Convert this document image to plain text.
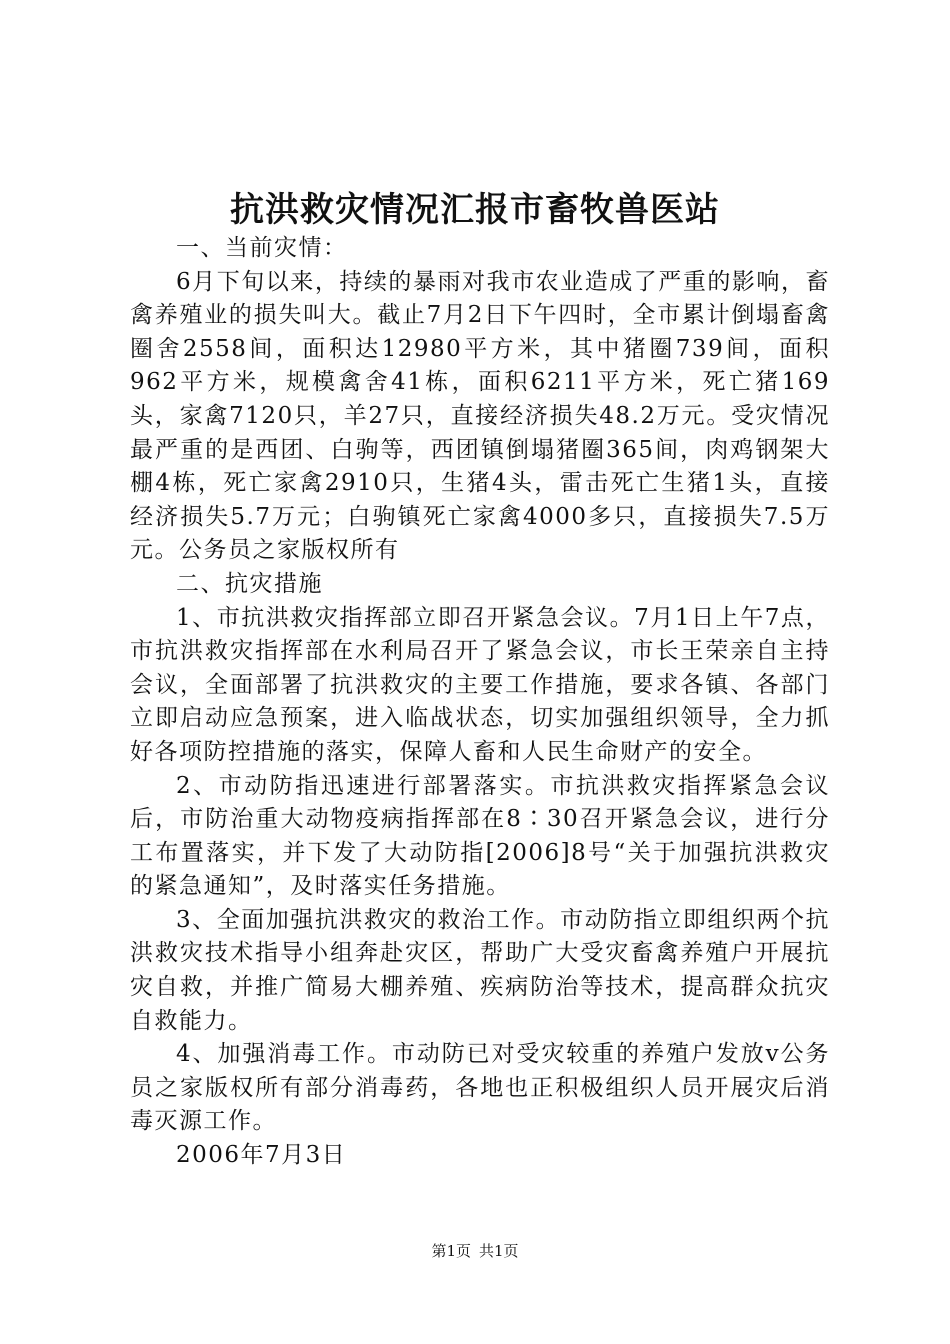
抗洪救灾情况汇报市畜牧兽医站

一、当前灾情：

6月下旬以来，持续的暴雨对我市农业造成了严重的影响，畜禽养殖业的损失叫大。截止7月2日下午四时，全市累计倒塌畜禽圈舍2558间，面积达12980平方米，其中猪圈739间，面积962平方米，规模禽舍41栋，面积6211平方米，死亡猪169头，家禽7120只，羊27只，直接经济损失48.2万元。受灾情况最严重的是西团、白驹等，西团镇倒塌猪圈365间，肉鸡钢架大棚4栋，死亡家禽2910只，生猪4头，雷击死亡生猪1头，直接经济损失5.7万元；白驹镇死亡家禽4000多只，直接损失7.5万元。公务员之家版权所有

二、抗灾措施

1、市抗洪救灾指挥部立即召开紧急会议。7月1日上午7点，市抗洪救灾指挥部在水利局召开了紧急会议，市长王荣亲自主持会议，全面部署了抗洪救灾的主要工作措施，要求各镇、各部门立即启动应急预案，进入临战状态，切实加强组织领导，全力抓好各项防控措施的落实，保障人畜和人民生命财产的安全。

2、市动防指迅速进行部署落实。市抗洪救灾指挥紧急会议后，市防治重大动物疫病指挥部在8∶30召开紧急会议，进行分工布置落实，并下发了大动防指[2006]8号“关于加强抗洪救灾的紧急通知”，及时落实任务措施。

3、全面加强抗洪救灾的救治工作。市动防指立即组织两个抗洪救灾技术指导小组奔赴灾区，帮助广大受灾畜禽养殖户开展抗灾自救，并推广简易大棚养殖、疾病防治等技术，提高群众抗灾自救能力。

4、加强消毒工作。市动防已对受灾较重的养殖户发放v公务员之家版权所有部分消毒药，各地也正积极组织人员开展灾后消毒灭源工作。

2006年7月3日

第1页 共1页
